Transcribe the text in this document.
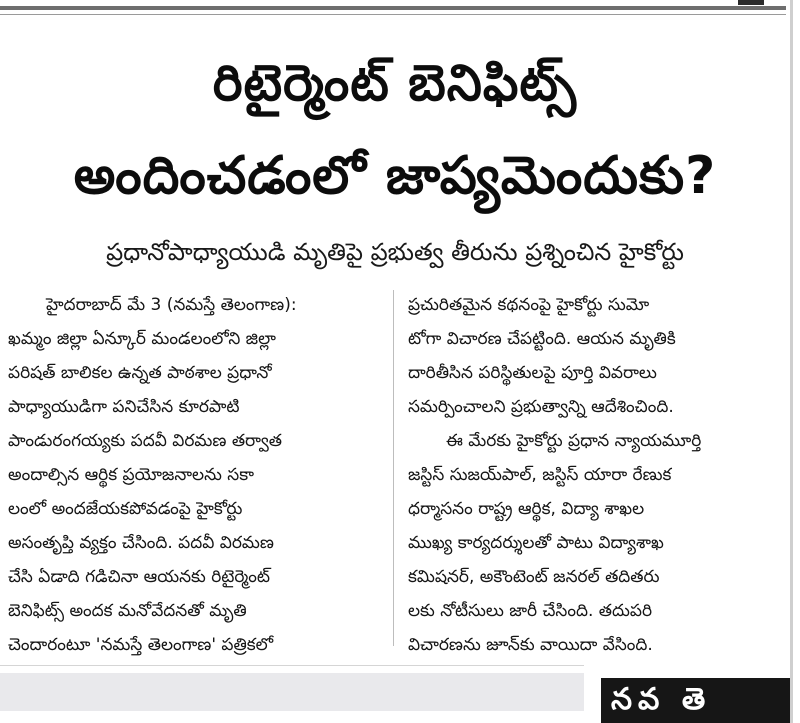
రిటైర్మెంట్ బెనిఫిట్స్
అందించడంలో జాప్యమెందుకు?
ప్రధానోపాధ్యాయుడి మృతిపై ప్రభుత్వ తీరును ప్రశ్నించిన హైకోర్టు
హైదరాబాద్ మే 3 (నమస్తే తెలంగాణ):
ఖమ్మం జిల్లా ఏన్కూర్ మండలంలోని జిల్లా
పరిషత్ బాలికల ఉన్నత పాఠశాల ప్రధానో
పాధ్యాయుడిగా పనిచేసిన కూరపాటి
పాండురంగయ్యకు పదవీ విరమణ తర్వాత
అందాల్సిన ఆర్థిక ప్రయోజనాలను సకా
లంలో అందజేయకపోవడంపై హైకోర్టు
అసంతృప్తి వ్యక్తం చేసింది. పదవీ విరమణ
చేసి ఏడాది గడిచినా ఆయనకు రిటైర్మెంట్
బెనిఫిట్స్ అందక మనోవేదనతో మృతి
చెందారంటూ 'నమస్తే తెలంగాణ' పత్రికలో
ప్రచురితమైన కథనంపై హైకోర్టు సుమో
టోగా విచారణ చేపట్టింది. ఆయన మృతికి
దారితీసిన పరిస్థితులపై పూర్తి వివరాలు
సమర్పించాలని ప్రభుత్వాన్ని ఆదేశించింది.
ఈ మేరకు హైకోర్టు ప్రధాన న్యాయమూర్తి
జస్టిస్ సుజయ్‌పాల్, జస్టిస్ యారా రేణుక
ధర్మాసనం రాష్ట్ర ఆర్థిక, విద్యా శాఖల
ముఖ్య కార్యదర్శులతో పాటు విద్యాశాఖ
కమిషనర్, అకౌంటెంట్ జనరల్ తదితరు
లకు నోటీసులు జారీ చేసింది. తదుపరి
విచారణను జూన్‌కు వాయిదా వేసింది.
నవ తె
